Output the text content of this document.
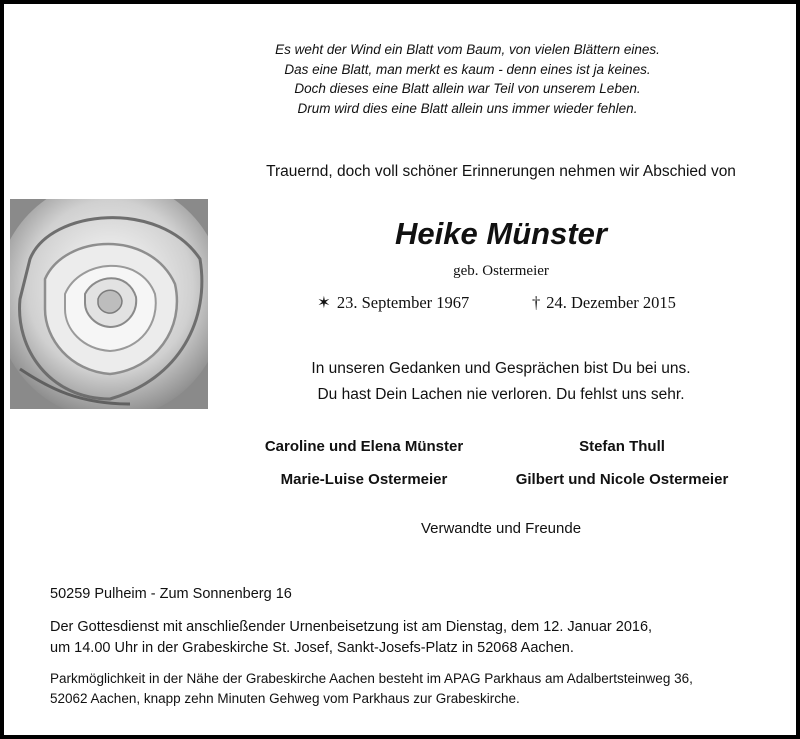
Es weht der Wind ein Blatt vom Baum, von vielen Blättern eines.
Das eine Blatt, man merkt es kaum - denn eines ist ja keines.
Doch dieses eine Blatt allein war Teil von unserem Leben.
Drum wird dies eine Blatt allein uns immer wieder fehlen.
Trauernd, doch voll schöner Erinnerungen nehmen wir Abschied von
Heike Münster
geb. Ostermeier
✶ 23. September 1967	† 24. Dezember 2015
In unseren Gedanken und Gesprächen bist Du bei uns.
Du hast Dein Lachen nie verloren. Du fehlst uns sehr.
Caroline und Elena Münster	Stefan Thull
Marie-Luise Ostermeier	Gilbert und Nicole Ostermeier
Verwandte und Freunde
50259 Pulheim - Zum Sonnenberg 16
Der Gottesdienst mit anschließender Urnenbeisetzung ist am Dienstag, dem 12. Januar 2016,
um 14.00 Uhr in der Grabeskirche St. Josef, Sankt-Josefs-Platz in 52068 Aachen.
Parkmöglichkeit in der Nähe der Grabeskirche Aachen besteht im APAG Parkhaus am Adalbertsteinweg 36,
52062 Aachen, knapp zehn Minuten Gehweg vom Parkhaus zur Grabeskirche.
